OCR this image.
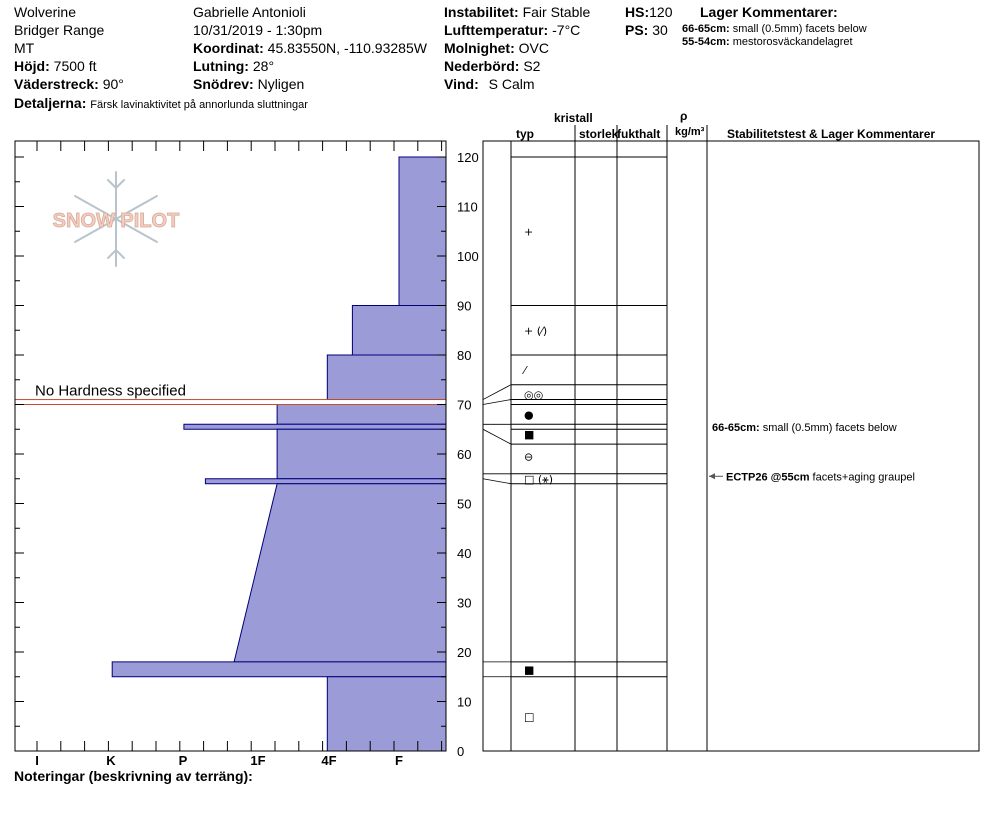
Wolverine
Bridger Range
MT
Höjd: 7500 ft
Väderstreck: 90°
Detaljerna: Färsk lavinaktivitet på annorlunda sluttningar
Gabrielle Antonioli
10/31/2019 - 1:30pm
Koordinat: 45.83550N, -110.93285W
Lutning: 28°
Snödrev: Nyligen
Instabilitet: Fair Stable
Lufttemperatur: -7°C
Molnighet: OVC
Nederbörd: S2
Vind: S Calm
HS:120
PS: 30
Lager Kommentarer:
66-65cm: small (0.5mm) facets below
55-54cm: mestorosväckandelagret
kristall
typ	storlek
fukthalt
ρ
kg/m³ Stabilitetstest & Lager Kommentarer
SNOW PILOT
No Hardness specified
0
10
20
30
40
50
60
70
80
90
100
110
120
I	K	P	1F	4F	F
+
+ (⁄)
⁄
◎◎
●
■
⊖
□ (⚹)
■
□
66-65cm: small (0.5mm) facets below
ECTP26 @55cm facets+aging graupel
Noteringar (beskrivning av terräng):
